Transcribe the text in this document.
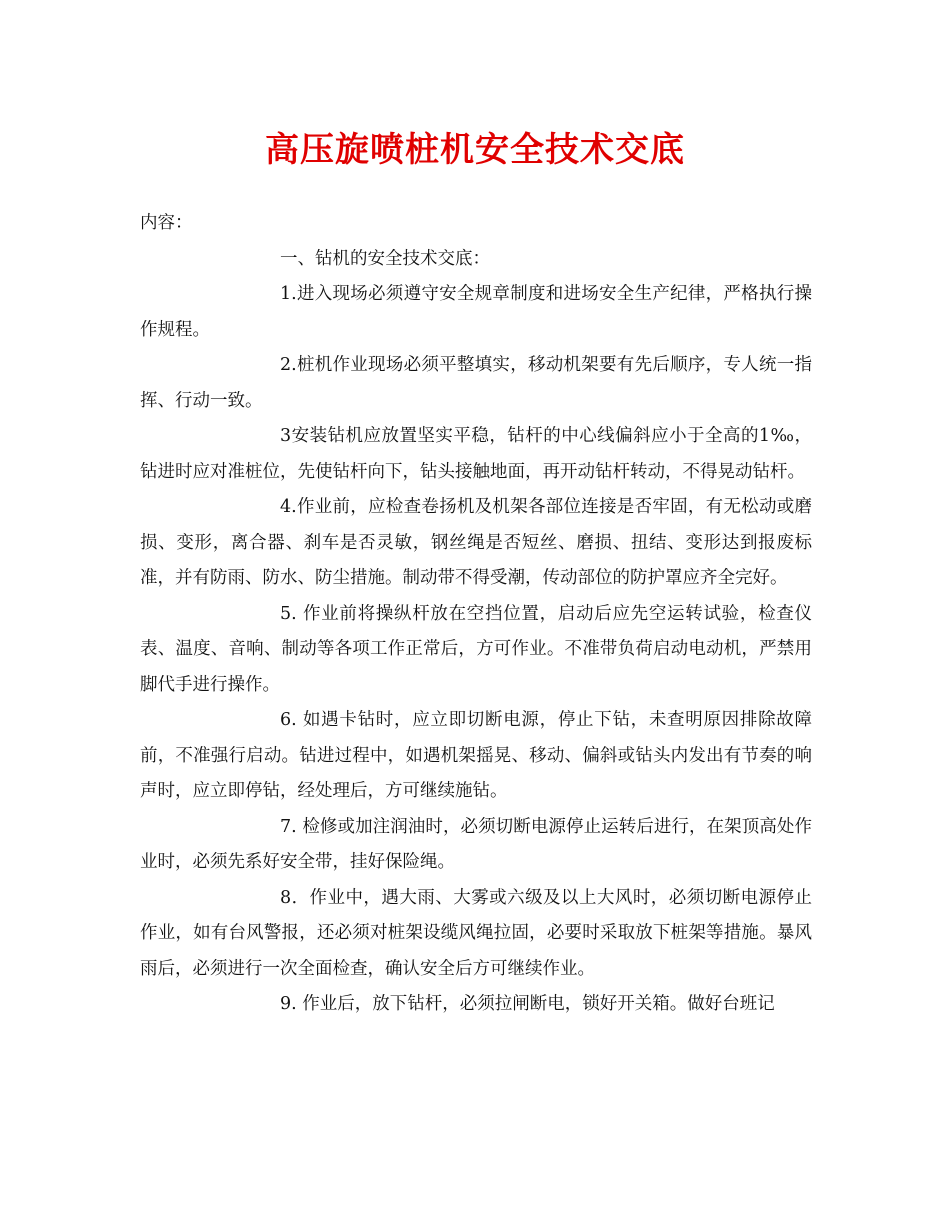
高压旋喷桩机安全技术交底

内容：

一、钻机的安全技术交底：

1.进入现场必须遵守安全规章制度和进场安全生产纪律，严格执行操作规程。

2.桩机作业现场必须平整填实，移动机架要有先后顺序，专人统一指挥、行动一致。

3安装钻机应放置坚实平稳，钻杆的中心线偏斜应小于全高的1‰，钻进时应对准桩位，先使钻杆向下，钻头接触地面，再开动钻杆转动，不得晃动钻杆。

4.作业前，应检查卷扬机及机架各部位连接是否牢固，有无松动或磨损、变形，离合器、刹车是否灵敏，钢丝绳是否短丝、磨损、扭结、变形达到报废标准，并有防雨、防水、防尘措施。制动带不得受潮，传动部位的防护罩应齐全完好。

5. 作业前将操纵杆放在空挡位置，启动后应先空运转试验，检查仪表、温度、音响、制动等各项工作正常后，方可作业。不准带负荷启动电动机，严禁用脚代手进行操作。

6. 如遇卡钻时，应立即切断电源，停止下钻，未查明原因排除故障前，不准强行启动。钻进过程中，如遇机架摇晃、移动、偏斜或钻头内发出有节奏的响声时，应立即停钻，经处理后，方可继续施钻。

7. 检修或加注润油时，必须切断电源停止运转后进行，在架顶高处作业时，必须先系好安全带，挂好保险绳。

8．作业中，遇大雨、大雾或六级及以上大风时，必须切断电源停止作业，如有台风警报，还必须对桩架设缆风绳拉固，必要时采取放下桩架等措施。暴风雨后，必须进行一次全面检查，确认安全后方可继续作业。

9. 作业后，放下钻杆，必须拉闸断电，锁好开关箱。做好台班记
